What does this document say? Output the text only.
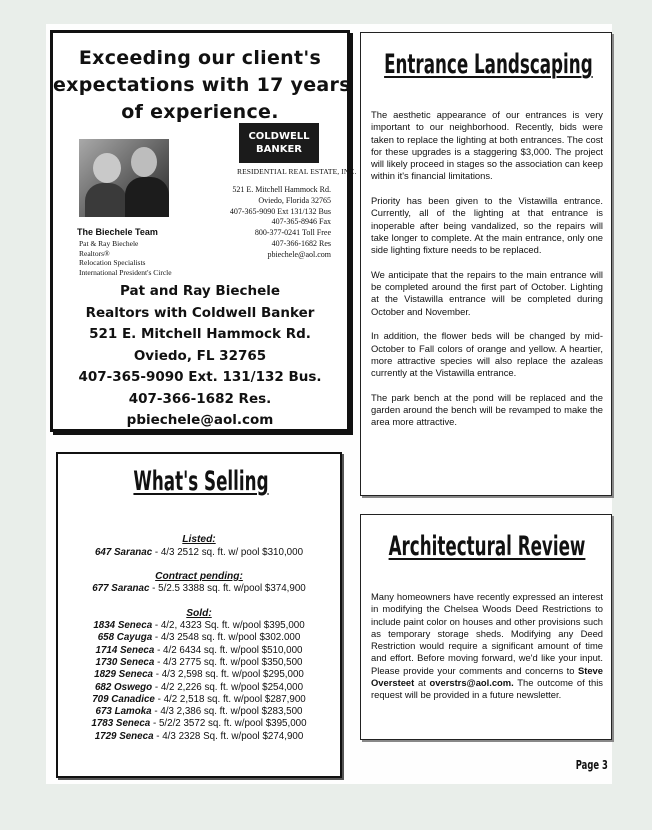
Exceeding our client's
expectations with 17 years
of experience.
The Biechele Team
Pat & Ray Biechele
Realtors®
Relocation Specialists
International President's Circle
COLDWELL
BANKER
RESIDENTIAL REAL ESTATE, INC.
521 E. Mitchell Hammock Rd.
Oviedo, Florida 32765
407-365-9090 Ext 131/132 Bus
407-365-8946 Fax
800-377-0241 Toll Free
407-366-1682 Res
pbiechele@aol.com
Pat and Ray Biechele
Realtors with Coldwell Banker
521 E. Mitchell Hammock Rd.
Oviedo, FL 32765
407-365-9090 Ext. 131/132 Bus.
407-366-1682 Res.
pbiechele@aol.com
Entrance Landscaping

The aesthetic appearance of our entrances is very important to our neighborhood. Recently, bids were taken to replace the lighting at both entrances. The cost for these upgrades is a staggering $3,000. The project will likely proceed in stages so the association can keep within it's financial limitations.

Priority has been given to the Vistawilla entrance. Currently, all of the lighting at that entrance is inoperable after being vandalized, so the repairs will take longer to complete. At the main entrance, only one side lighting fixture needs to be replaced.

We anticipate that the repairs to the main entrance will be completed around the first part of October. Lighting at the Vistawilla entrance will be completed during October and November.

In addition, the flower beds will be changed by mid-October to Fall colors of orange and yellow. A heartier, more attractive species will also replace the azaleas currently at the Vistawilla entrance.

The park bench at the pond will be replaced and the garden around the bench will be revamped to make the area more attractive.

What's Selling
Listed:
647 Saranac - 4/3 2512 sq. ft. w/ pool $310,000
Contract pending:
677 Saranac - 5/2.5 3388 sq. ft. w/pool $374,900
Sold:
1834 Seneca - 4/2, 4323 Sq. ft. w/pool $395,000
658 Cayuga - 4/3 2548 sq. ft. w/pool $302.000
1714 Seneca - 4/2 6434 sq. ft. w/pool $510,000
1730 Seneca - 4/3 2775 sq. ft. w/pool $350,500
1829 Seneca - 4/3 2,598 sq. ft. w/pool $295,000
682 Oswego - 4/2 2,226 sq. ft. w/pool $254,000
709 Canadice - 4/2 2,518 sq. ft. w/pool $287,900
673 Lamoka - 4/3 2,386 sq. ft. w/pool $283,500
1783 Seneca - 5/2/2 3572 sq. ft. w/pool $395,000
1729 Seneca - 4/3 2328 Sq. ft. w/pool $274,900
Architectural Review

Many homeowners have recently expressed an interest in modifying the Chelsea Woods Deed Restrictions to include paint color on houses and other provisions such as temporary storage sheds. Modifying any Deed Restriction would require a significant amount of time and effort. Before moving forward, we'd like your input. Please provide your comments and concerns to Steve Oversteet at overstrs@aol.com. The outcome of this request will be provided in a future newsletter.

Page 3
